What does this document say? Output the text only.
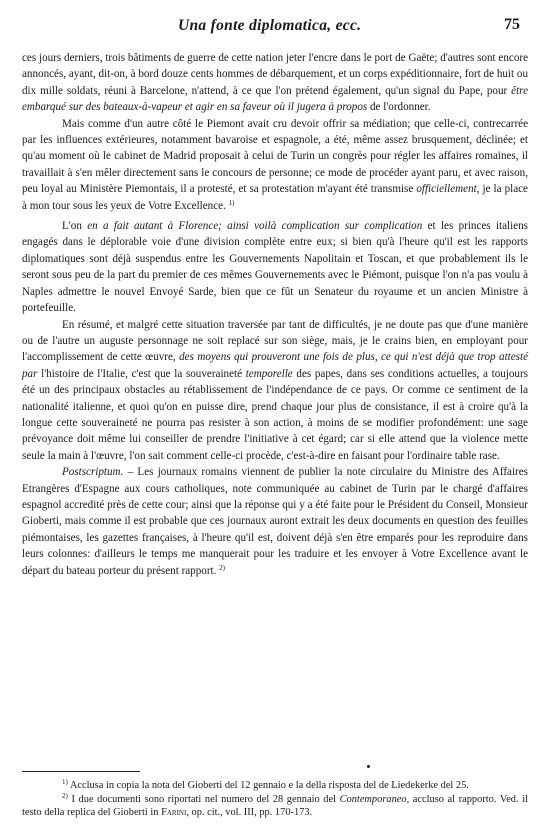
Una fonte diplomatica, ecc.	75

ces jours derniers, trois bâtiments de guerre de cette nation jeter l'encre dans le port de Gaëte; d'autres sont encore annoncés, ayant, dit-on, à bord douze cents hommes de débarquement, et un corps expéditionnaire, fort de huit ou dix mille soldats, réuni à Barcelone, n'attend, à ce que l'on prétend également, qu'un signal du Pape, pour être embarqué sur des bateaux-à-vapeur et agir en sa faveur où il jugera à propos de l'ordonner.

Mais comme d'un autre côté le Piemont avait cru devoir offrir sa médiation; que celle-ci, contrecarrée par les influences extérieures, notamment bavaroise et espagnole, a été, même assez brusquement, déclinée; et qu'au moment où le cabinet de Madrid proposait à celui de Turin un congrès pour régler les affaires romaines, il travaillait à s'en mêler directement sans le concours de personne; ce mode de procéder ayant paru, et avec raison, peu loyal au Ministère Piemontais, il a protesté, et sa protestation m'ayant été transmise officiellement, je la place à mon tour sous les yeux de Votre Excellence. $^{1)}$

L'on en a fait autant à Florence; ainsi voilà complication sur complication et les princes italiens engagés dans le déplorable voie d'une division complète entre eux; si bien qu'à l'heure qu'il est les rapports diplomatiques sont déjà suspendus entre les Gouvernements Napolitain et Toscan, et que probablement ils le seront sous peu de la part du premier de ces mêmes Gouvernements avec le Piémont, puisque l'on n'a pas voulu à Naples admettre le nouvel Envoyé Sarde, bien que ce fût un Senateur du royaume et un ancien Ministre à portefeuille.

En résumé, et malgré cette situation traversée par tant de difficultés, je ne doute pas que d'une manière ou de l'autre un auguste personnage ne soit replacé sur son siège, mais, je le crains bien, en employant pour l'accomplissement de cette œuvre, des moyens qui prouveront une fois de plus, ce qui n'est déjà que trop attesté par l'histoire de l'Italie, c'est que la souveraineté temporelle des papes, dans ses conditions actuelles, a toujours été un des principaux obstacles au rétablissement de l'indépendance de ce pays. Or comme ce sentiment de la nationalité italienne, et quoi qu'on en puisse dire, prend chaque jour plus de consistance, il est à croire qu'à la longue cette souveraineté ne pourra pas resister à son action, à moins de se modifier profondément: une sage prévoyance doit même lui conseiller de prendre l'initiative à cet égard; car si elle attend que la violence mette seule la main à l'œuvre, l'on sait comment celle-ci procède, c'est-à-dire en faisant pour l'ordinaire table rase.

Postscriptum. – Les journaux romains viennent de publier la note circulaire du Ministre des Affaires Etrangères d'Espagne aux cours catholiques, note communiquée au cabinet de Turin par le chargé d'affaires espagnol accredité près de cette cour; ainsi que la réponse qui y a été faite pour le Président du Conseil, Monsieur Gioberti, mais comme il est probable que ces journaux auront extrait les deux documents en question des feuilles piémontaises, les gazettes françaises, à l'heure qu'il est, doivent déjà s'en être emparés pour les reproduire dans leurs colonnes: d'ailleurs le temps me manquerait pour les traduire et les envoyer à Votre Excellence avant le départ du bateau porteur du présent rapport. $^{2)}$

$^{1)}$ Acclusa in copia la nota del Gioberti del 12 gennaio e la della risposta del de Liedekerke del 25.

$^{2)}$ I due documenti sono riportati nel numero del 28 gennaio del Contemporaneo, accluso al rapporto. Ved. il testo della replica del Gioberti in Farini, op. cit., vol. III, pp. 170-173.
